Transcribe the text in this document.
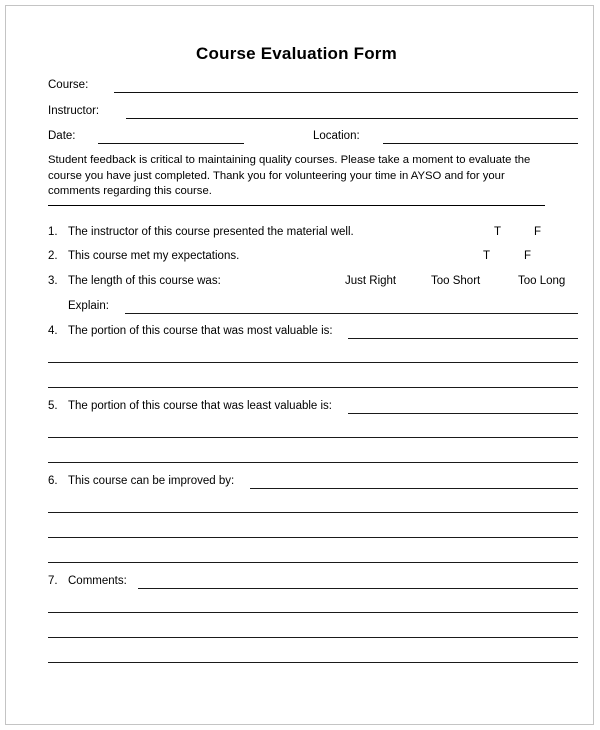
Course Evaluation Form
Course:
Instructor:
Date:	Location:
Student feedback is critical to maintaining quality courses. Please take a moment to evaluate the course you have just completed. Thank you for volunteering your time in AYSO and for your comments regarding this course.
1. The instructor of this course presented the material well.	T	F
2. This course met my expectations.	T	F
3. The length of this course was:	Just Right	Too Short	Too Long
Explain:
4. The portion of this course that was most valuable is:
5. The portion of this course that was least valuable is:
6. This course can be improved by:
7. Comments:
